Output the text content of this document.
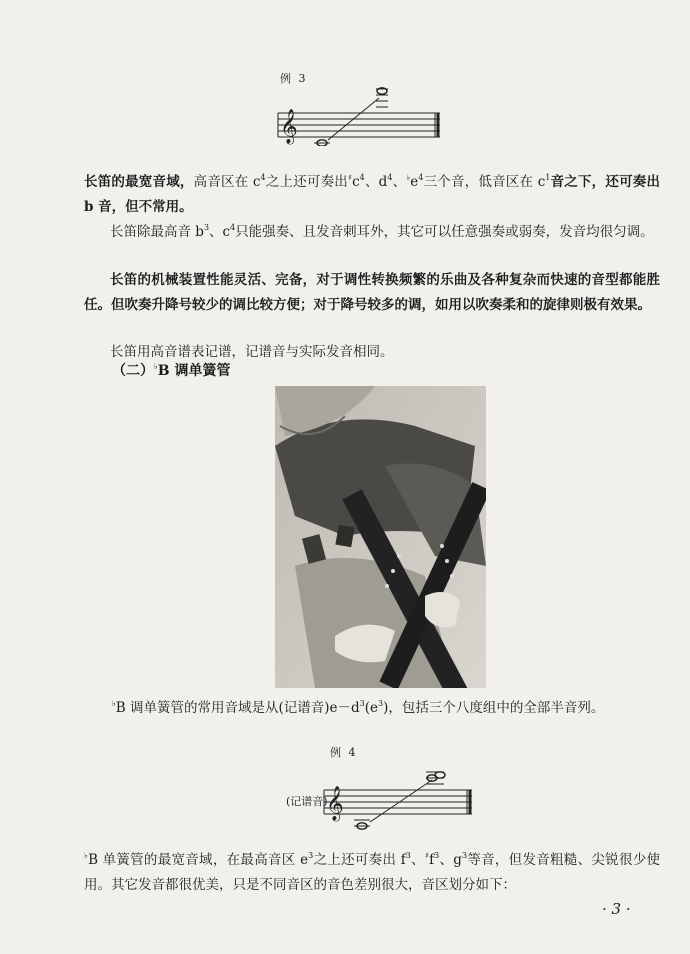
例 3
𝄞
长笛的最宽音域，高音区在 $c^4$之上还可奏出$^♯c^4$、$d^4$、$^♭e^4$三个音，低音区在 $c^1$音之下，还可奏出 b 音，但不常用。
长笛除最高音 $b^3$、$c^4$只能强奏、且发音刺耳外，其它可以任意强奏或弱奏，发音均很匀调。
长笛的机械装置性能灵活、完备，对于调性转换频繁的乐曲及各种复杂而快速的音型都能胜任。但吹奏升降号较少的调比较方便；对于降号较多的调，如用以吹奏柔和的旋律则极有效果。
长笛用高音谱表记谱，记谱音与实际发音相同。
（二）♭B 调单簧管
♭B 调单簧管的常用音域是从(记谱音)$e-d^3(e^3)$，包括三个八度组中的全部半音列。
例 4
(记谱音)
𝄞
♭B 单簧管的最宽音域，在最高音区 $e^3$之上还可奏出 $f^3$、$^♯f^3$、$g^3$等音，但发音粗糙、尖锐很少使用。其它发音都很优美，只是不同音区的音色差别很大，音区划分如下：
· 3 ·
